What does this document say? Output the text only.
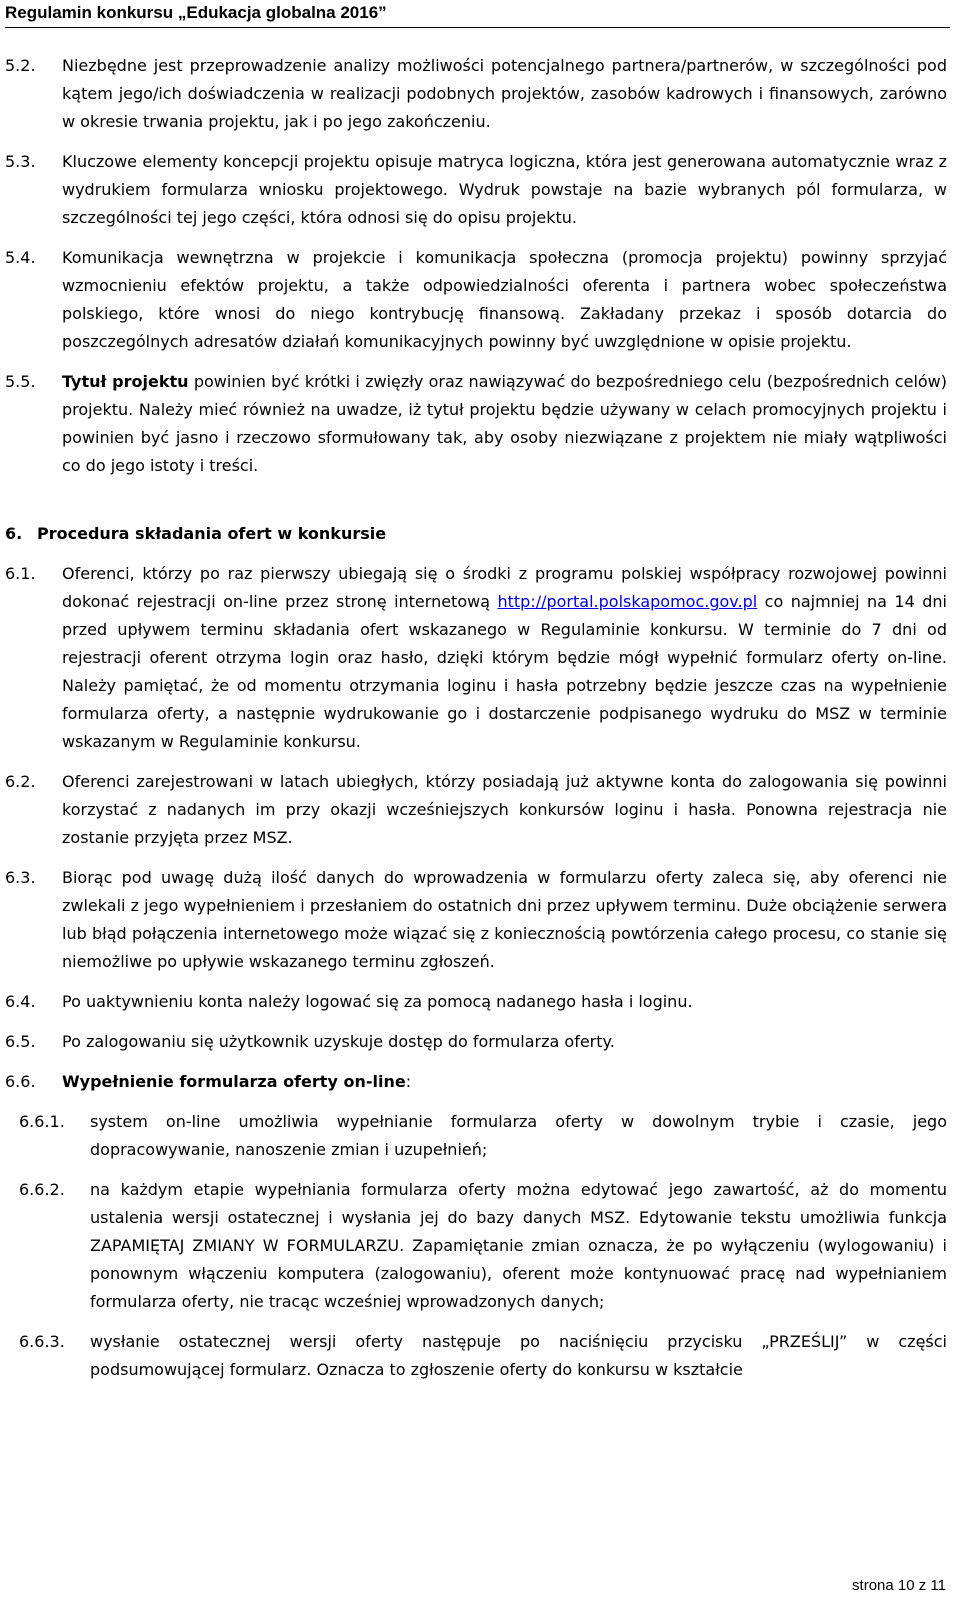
Regulamin konkursu „Edukacja globalna 2016”
5.2.	Niezbędne jest przeprowadzenie analizy możliwości potencjalnego partnera/partnerów, w szczególności pod kątem jego/ich doświadczenia w realizacji podobnych projektów, zasobów kadrowych i finansowych, zarówno w okresie trwania projektu, jak i po jego zakończeniu.
5.3.	Kluczowe elementy koncepcji projektu opisuje matryca logiczna, która jest generowana automatycznie wraz z wydrukiem formularza wniosku projektowego. Wydruk powstaje na bazie wybranych pól formularza, w szczególności tej jego części, która odnosi się do opisu projektu.
5.4.	Komunikacja wewnętrzna w projekcie i komunikacja społeczna (promocja projektu) powinny sprzyjać wzmocnieniu efektów projektu, a także odpowiedzialności oferenta i partnera wobec społeczeństwa polskiego, które wnosi do niego kontrybucję finansową. Zakładany przekaz i sposób dotarcia do poszczególnych adresatów działań komunikacyjnych powinny być uwzględnione w opisie projektu.
5.5.	Tytuł projektu powinien być krótki i zwięzły oraz nawiązywać do bezpośredniego celu (bezpośrednich celów) projektu. Należy mieć również na uwadze, iż tytuł projektu będzie używany w celach promocyjnych projektu i powinien być jasno i rzeczowo sformułowany tak, aby osoby niezwiązane z projektem nie miały wątpliwości co do jego istoty i treści.
6. Procedura składania ofert w konkursie
6.1.	Oferenci, którzy po raz pierwszy ubiegają się o środki z programu polskiej współpracy rozwojowej powinni dokonać rejestracji on-line przez stronę internetową http://portal.polskapomoc.gov.pl co najmniej na 14 dni przed upływem terminu składania ofert wskazanego w Regulaminie konkursu. W terminie do 7 dni od rejestracji oferent otrzyma login oraz hasło, dzięki którym będzie mógł wypełnić formularz oferty on-line. Należy pamiętać, że od momentu otrzymania loginu i hasła potrzebny będzie jeszcze czas na wypełnienie formularza oferty, a następnie wydrukowanie go i dostarczenie podpisanego wydruku do MSZ w terminie wskazanym w Regulaminie konkursu.
6.2.	Oferenci zarejestrowani w latach ubiegłych, którzy posiadają już aktywne konta do zalogowania się powinni korzystać z nadanych im przy okazji wcześniejszych konkursów loginu i hasła. Ponowna rejestracja nie zostanie przyjęta przez MSZ.
6.3.	Biorąc pod uwagę dużą ilość danych do wprowadzenia w formularzu oferty zaleca się, aby oferenci nie zwlekali z jego wypełnieniem i przesłaniem do ostatnich dni przez upływem terminu. Duże obciążenie serwera lub błąd połączenia internetowego może wiązać się z koniecznością powtórzenia całego procesu, co stanie się niemożliwe po upływie wskazanego terminu zgłoszeń.
6.4.	Po uaktywnieniu konta należy logować się za pomocą nadanego hasła i loginu.
6.5.	Po zalogowaniu się użytkownik uzyskuje dostęp do formularza oferty.
6.6.	Wypełnienie formularza oferty on-line:
6.6.1.	system on-line umożliwia wypełnianie formularza oferty w dowolnym trybie i czasie, jego dopracowywanie, nanoszenie zmian i uzupełnień;
6.6.2.	na każdym etapie wypełniania formularza oferty można edytować jego zawartość, aż do momentu ustalenia wersji ostatecznej i wysłania jej do bazy danych MSZ. Edytowanie tekstu umożliwia funkcja ZAPAMIĘTAJ ZMIANY W FORMULARZU. Zapamiętanie zmian oznacza, że po wyłączeniu (wylogowaniu) i ponownym włączeniu komputera (zalogowaniu), oferent może kontynuować pracę nad wypełnianiem formularza oferty, nie tracąc wcześniej wprowadzonych danych;
6.6.3.	wysłanie ostatecznej wersji oferty następuje po naciśnięciu przycisku „PRZEŚLIJ” w części podsumowującej formularz. Oznacza to zgłoszenie oferty do konkursu w kształcie
strona 10 z 11
